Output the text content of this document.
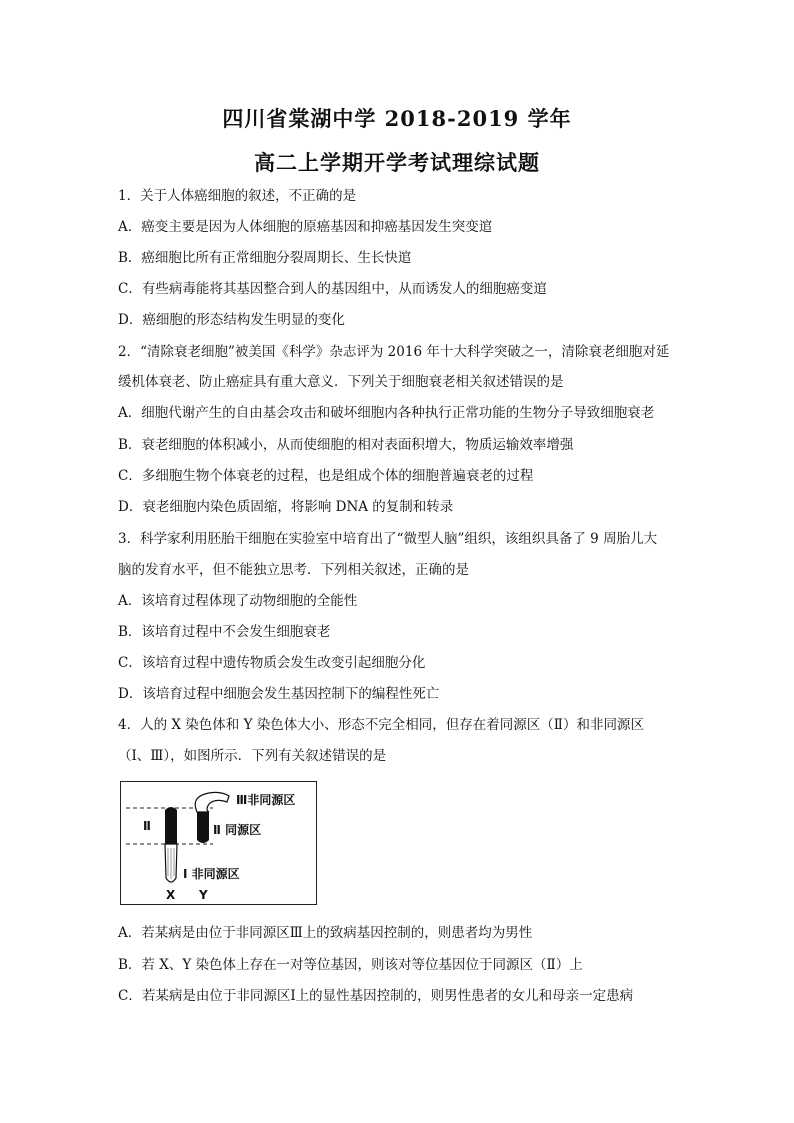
四川省棠湖中学 2018-2019 学年
高二上学期开学考试理综试题
1．关于人体癌细胞的叙述，不正确的是
A．癌变主要是因为人体细胞的原癌基因和抑癌基因发生突变逭
B．癌细胞比所有正常细胞分裂周期长、生长快逭
C．有些病毒能将其基因整合到人的基因组中，从而诱发人的细胞癌变逭
D．癌细胞的形态结构发生明显的变化
2．“清除衰老细胞”被美国《科学》杂志评为 2016 年十大科学突破之一，清除衰老细胞对延
缓机体衰老、防止癌症具有重大意义．下列关于细胞衰老相关叙述错误的是
A．细胞代谢产生的自由基会攻击和破坏细胞内各种执行正常功能的生物分子导致细胞衰老
B．衰老细胞的体积减小，从而使细胞的相对表面积增大，物质运输效率增强
C．多细胞生物个体衰老的过程，也是组成个体的细胞普遍衰老的过程
D．衰老细胞内染色质固缩，将影响 DNA 的复制和转录
3．科学家利用胚胎干细胞在实验室中培育出了“微型人脑”组织，该组织具备了 9 周胎儿大
脑的发育水平，但不能独立思考．下列相关叙述，正确的是
A．该培育过程体现了动物细胞的全能性
B．该培育过程中不会发生细胞衰老
C．该培育过程中遗传物质会发生改变引起细胞分化
D．该培育过程中细胞会发生基因控制下的编程性死亡
4．人的 X 染色体和 Y 染色体大小、形态不完全相同，但存在着同源区（Ⅱ）和非同源区
（Ⅰ、Ⅲ），如图所示．下列有关叙述错误的是
Ⅲ非同源区
Ⅱ	Ⅱ 同源区
Ⅰ 非同源区
X Y
A．若某病是由位于非同源区Ⅲ上的致病基因控制的，则患者均为男性
B．若 X、Y 染色体上存在一对等位基因，则该对等位基因位于同源区（Ⅱ）上
C．若某病是由位于非同源区Ⅰ上的显性基因控制的，则男性患者的女儿和母亲一定患病
